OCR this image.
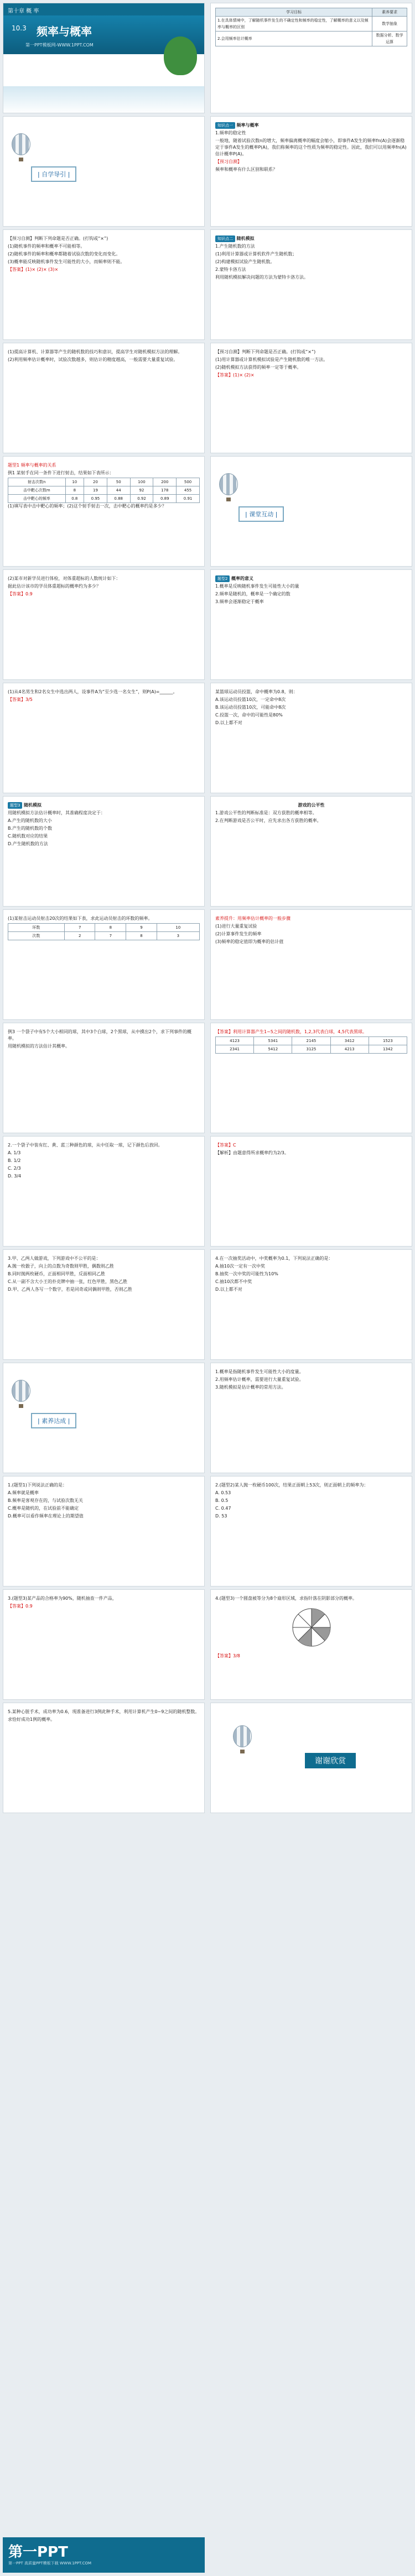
第十章 概 率
10.3 频率与概率
第一PPT模板网-WWW.1PPT.COM
学习目标	素养要求
1.在具体情境中，了解随机事件发生的不确定性和频率的稳定性，了解概率的意义以及频率与概率的区别	数学抽象
2.会用频率估计概率	数据分析、数学运算
| 自学导引 |

知识点一 频率与概率

1.频率的稳定性

一般地，随着试验次数n的增大，频率偏离概率的幅度会缩小，即事件A发生的频率fn(A)会逐渐稳定于事件A发生的概率P(A)，我们称频率的这个性质为频率的稳定性。因此，我们可以用频率fn(A)估计概率P(A)。

【预习自测】

频率和概率有什么区别和联系？

【预习自测】判断下列命题是否正确。(打钩或“×”)

(1)随机事件的频率和概率不可能相等。

(2)随机事件的频率和概率都随着试验次数的变化而变化。

(3)概率能反映随机事件发生可能性的大小，而频率则不能。

【答案】(1)× (2)× (3)×

知识点二 随机模拟

1.产生随机数的方法

(1)利用计算器或计算机软件产生随机数；

(2)构建模拟试验产生随机数。

2.蒙特卡洛方法

利用随机模拟解决问题的方法为蒙特卡洛方法。

(1)提高计算机、计算器等产生的随机数的技巧和意识，提高学生对随机模拟方法的理解。

(2)利用频率估计概率时，试验次数越多，则估计的精度越高，一般需要大量重复试验。

【预习自测】判断下列命题是否正确。(打钩或“×”)

(1)用计算器或计算机模拟试验是产生随机数的唯一方法。

(2)随机模拟方法获得的频率一定等于概率。

【答案】(1)× (2)×

题型1 频率与概率的关系

例1 某射手在同一条件下进行射击，结果如下表所示：

射击次数n	10	20	50	100	200	500
击中靶心次数m	8	19	44	92	178	455
击中靶心的频率	0.8	0.95	0.88	0.92	0.89	0.91

(1)填写表中击中靶心的频率；(2)这个射手射击一次，击中靶心的概率约是多少？

| 课堂互动 |

(2)某市对新学员进行体检，对体重超标的人数统计如下：

据此估计该市的学员体重超标的概率约为多少？

【答案】0.9

题型2 概率的意义

1.概率是反映随机事件发生可能性大小的量

2.频率是随机的，概率是一个确定的数

3.频率会逐渐稳定于概率

(1)从4名男生和2名女生中选出两人，设事件A为“至少选一名女生”，则P(A)=______。

【答案】3/5

某篮球运动员投篮，命中概率为0.8，则：

A.该运动员投篮10次，一定命中8次

B.该运动员投篮10次，可能命中8次

C.投篮一次，命中的可能性是80%

D.以上都不对

题型3 随机模拟

用随机模拟方法估计概率时，其准确程度决定于：

A.产生的随机数的大小

B.产生的随机数的个数

C.随机数对应的结果

D.产生随机数的方法

游戏的公平性

1.游戏公平性的判断标准是：双方获胜的概率相等。

2.在判断游戏是否公平时，应先求出各方获胜的概率。

(1)某射击运动员射击20次的结果如下表，求此运动员射击的环数的频率。

环数	7	8	9	10
次数	2	7	8	3

素养提升：用频率估计概率的一般步骤

(1)进行大量重复试验

(2)计算事件发生的频率

(3)频率的稳定值即为概率的估计值

例3 一个袋子中有5个大小相同的球，其中3个白球，2个黑球，从中摸出2个，求下列事件的概率。

用随机模拟的方法估计其概率。

【答案】利用计算器产生1~5之间的随机数，1,2,3代表白球，4,5代表黑球。

4123	5341	2145	3412	1523
2341	5412	3125	4213	1342

2.一个袋子中装有红、黄、蓝三种颜色的球，从中任取一球，记下颜色后放回。

A. 1/3

B. 1/2

C. 2/3

D. 3/4

【答案】C

【解析】由题意得所求概率约为2/3。

3.甲、乙两人做游戏，下列游戏中不公平的是：

A.抛一枚骰子，向上的点数为奇数则甲胜，偶数则乙胜

B.同时抛两枚硬币，正面相同甲胜，反面相同乙胜

C.从一副不含大小王的扑克牌中抽一张，红色甲胜，黑色乙胜

D.甲、乙两人各写一个数字，若是同奇或同偶则甲胜，否则乙胜

4.在一次抽奖活动中，中奖概率为0.1，下列说法正确的是：

A.抽10次一定有一次中奖

B.抽奖一次中奖的可能性为10%

C.抽10次都不中奖

D.以上都不对

| 素养达成 |

1.概率是指随机事件发生可能性大小的度量。

2.用频率估计概率，需要进行大量重复试验。

3.随机模拟是估计概率的常用方法。

1.(题型1)下列说法正确的是：

A.频率就是概率

B.频率是客观存在的，与试验次数无关

C.概率是随机的，在试验前不能确定

D.概率可以看作频率在理论上的期望值

2.(题型2)某人抛一枚硬币100次，结果正面朝上53次，则正面朝上的频率为：

A. 0.53

B. 0.5

C. 0.47

D. 53

3.(题型3)某产品的合格率为90%，随机抽查一件产品，

【答案】0.9

4.(题型3)一个圆盘被等分为8个扇形区域，求指针落在阴影部分的概率。

【答案】3/8

5.某种心脏手术，成功率为0.6，现准备进行3例此种手术，利用计算机产生0~9之间的随机整数。

求恰好成功1例的概率。

谢谢欣赏
第一PPT
第一PPT 高质量PPT模板下载 WWW.1PPT.COM
